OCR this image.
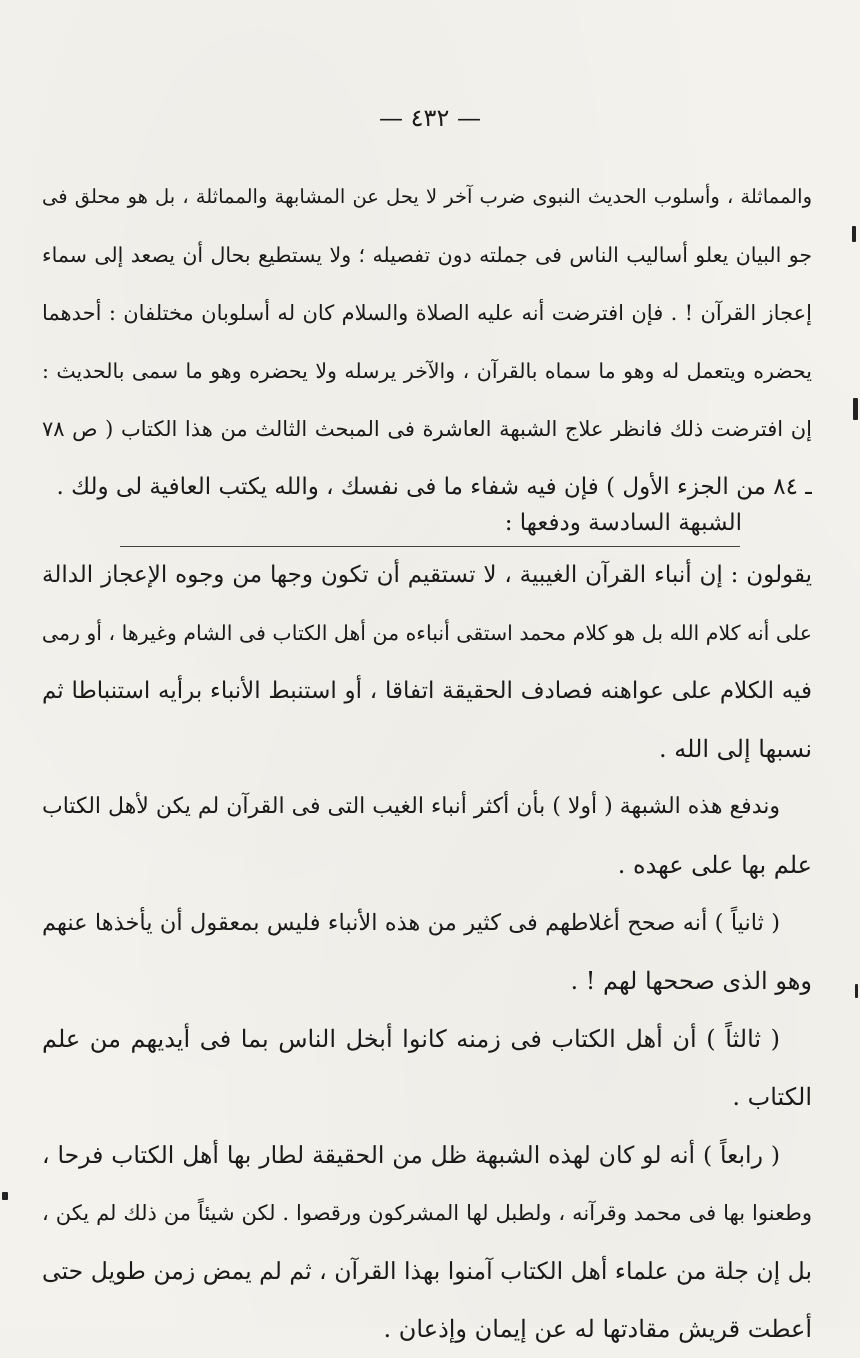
— ٤٣٢ —
والمماثلة ، وأسلوب الحديث النبوى ضرب آخر لا يحل عن المشابهة والمماثلة ، بل هو محلق فى
جو البيان يعلو أساليب الناس فى جملته دون تفصيله ؛ ولا يستطيع بحال أن يصعد إلى سماء
إعجاز القرآن ! . فإن افترضت أنه عليه الصلاة والسلام كان له أسلوبان مختلفان : أحدهما
يحضره ويتعمل له وهو ما سماه بالقرآن ، والآخر يرسله ولا يحضره وهو ما سمى بالحديث :
إن افترضت ذلك فانظر علاج الشبهة العاشرة فى المبحث الثالث من هذا الكتاب ( ص ٧٨
ـ ٨٤ من الجزء الأول ) فإن فيه شفاء ما فى نفسك ، والله يكتب العافية لى ولك .
الشبهة السادسة ودفعها :
يقولون : إن أنباء القرآن الغيبية ، لا تستقيم أن تكون وجها من وجوه الإعجاز الدالة
على أنه كلام الله بل هو كلام محمد استقى أنباءه من أهل الكتاب فى الشام وغيرها ، أو رمى
فيه الكلام على عواهنه فصادف الحقيقة اتفاقا ، أو استنبط الأنباء برأيه استنباطا ثم
نسبها إلى الله .
وندفع هذه الشبهة ( أولا ) بأن أكثر أنباء الغيب التى فى القرآن لم يكن لأهل الكتاب
علم بها على عهده .
( ثانياً ) أنه صحح أغلاطهم فى كثير من هذه الأنباء فليس بمعقول أن يأخذها عنهم
وهو الذى صححها لهم ! .
( ثالثاً ) أن أهل الكتاب فى زمنه كانوا أبخل الناس بما فى أيديهم من علم
الكتاب .
( رابعاً ) أنه لو كان لهذه الشبهة ظل من الحقيقة لطار بها أهل الكتاب فرحا ،
وطعنوا بها فى محمد وقرآنه ، ولطبل لها المشركون ورقصوا . لكن شيئاً من ذلك لم يكن ،
بل إن جلة من علماء أهل الكتاب آمنوا بهذا القرآن ، ثم لم يمض زمن طويل حتى
أعطت قريش مقادتها له عن إيمان وإذعان .
